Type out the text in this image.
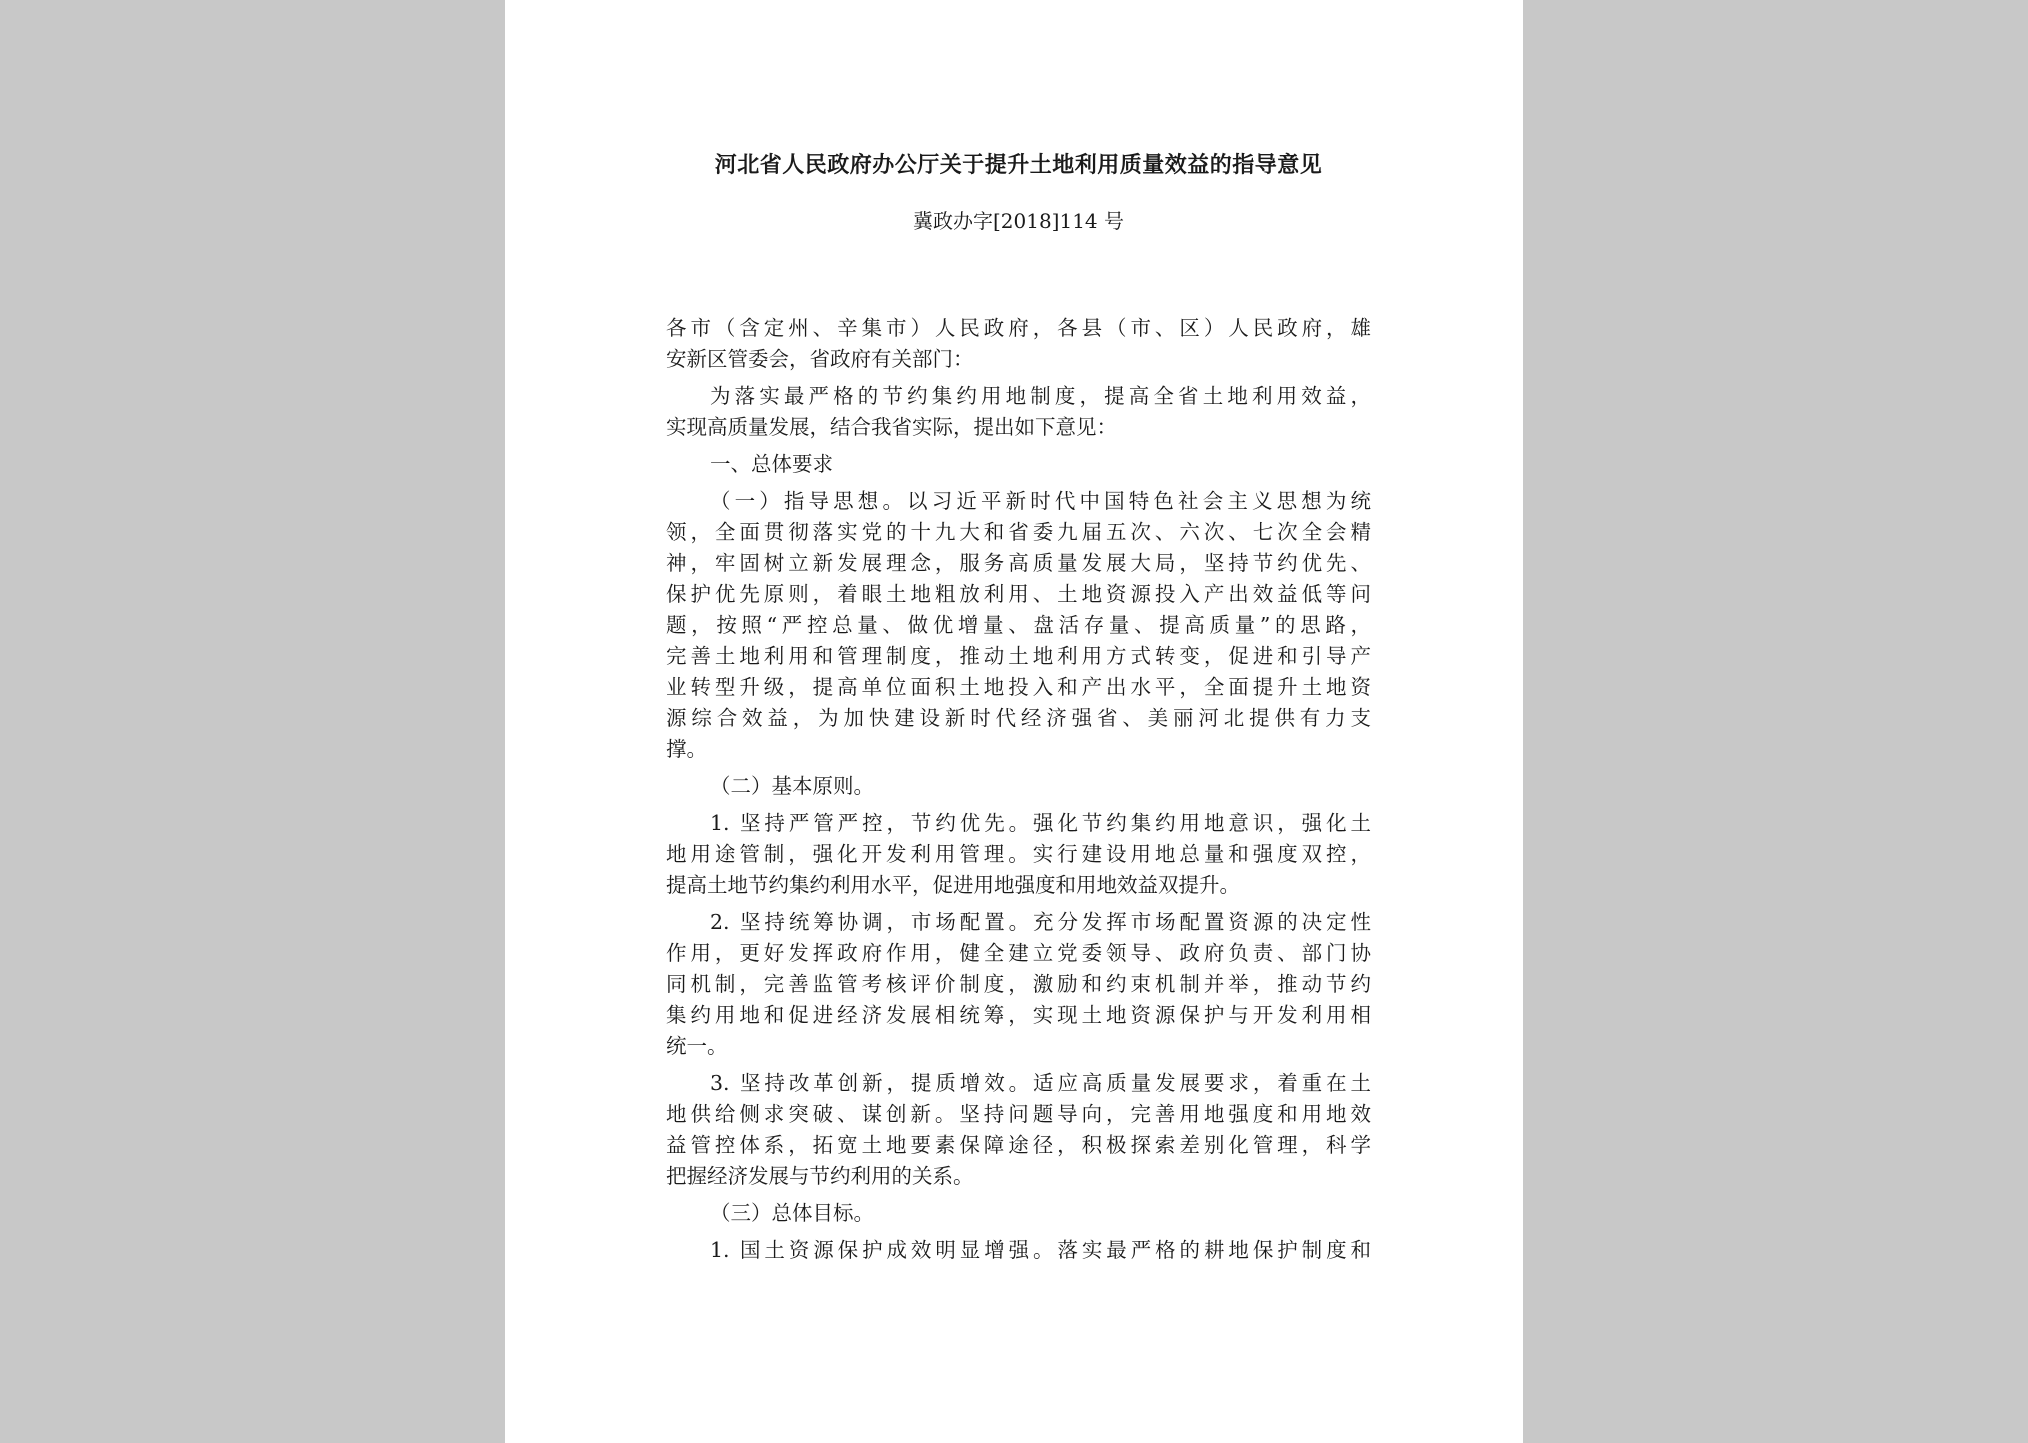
河北省人民政府办公厅关于提升土地利用质量效益的指导意见
冀政办字[2018]114 号
各市（含定州、辛集市）人民政府，各县（市、区）人民政府，雄
安新区管委会，省政府有关部门：
为落实最严格的节约集约用地制度，提高全省土地利用效益，
实现高质量发展，结合我省实际，提出如下意见：
一、总体要求
（一）指导思想。以习近平新时代中国特色社会主义思想为统
领，全面贯彻落实党的十九大和省委九届五次、六次、七次全会精
神，牢固树立新发展理念，服务高质量发展大局，坚持节约优先、
保护优先原则，着眼土地粗放利用、土地资源投入产出效益低等问
题，按照“严控总量、做优增量、盘活存量、提高质量”的思路，
完善土地利用和管理制度，推动土地利用方式转变，促进和引导产
业转型升级，提高单位面积土地投入和产出水平，全面提升土地资
源综合效益，为加快建设新时代经济强省、美丽河北提供有力支
撑。
（二）基本原则。
1. 坚持严管严控，节约优先。强化节约集约用地意识，强化土
地用途管制，强化开发利用管理。实行建设用地总量和强度双控，
提高土地节约集约利用水平，促进用地强度和用地效益双提升。
2. 坚持统筹协调，市场配置。充分发挥市场配置资源的决定性
作用，更好发挥政府作用，健全建立党委领导、政府负责、部门协
同机制，完善监管考核评价制度，激励和约束机制并举，推动节约
集约用地和促进经济发展相统筹，实现土地资源保护与开发利用相
统一。
3. 坚持改革创新，提质增效。适应高质量发展要求，着重在土
地供给侧求突破、谋创新。坚持问题导向，完善用地强度和用地效
益管控体系，拓宽土地要素保障途径，积极探索差别化管理，科学
把握经济发展与节约利用的关系。
（三）总体目标。
1. 国土资源保护成效明显增强。落实最严格的耕地保护制度和
